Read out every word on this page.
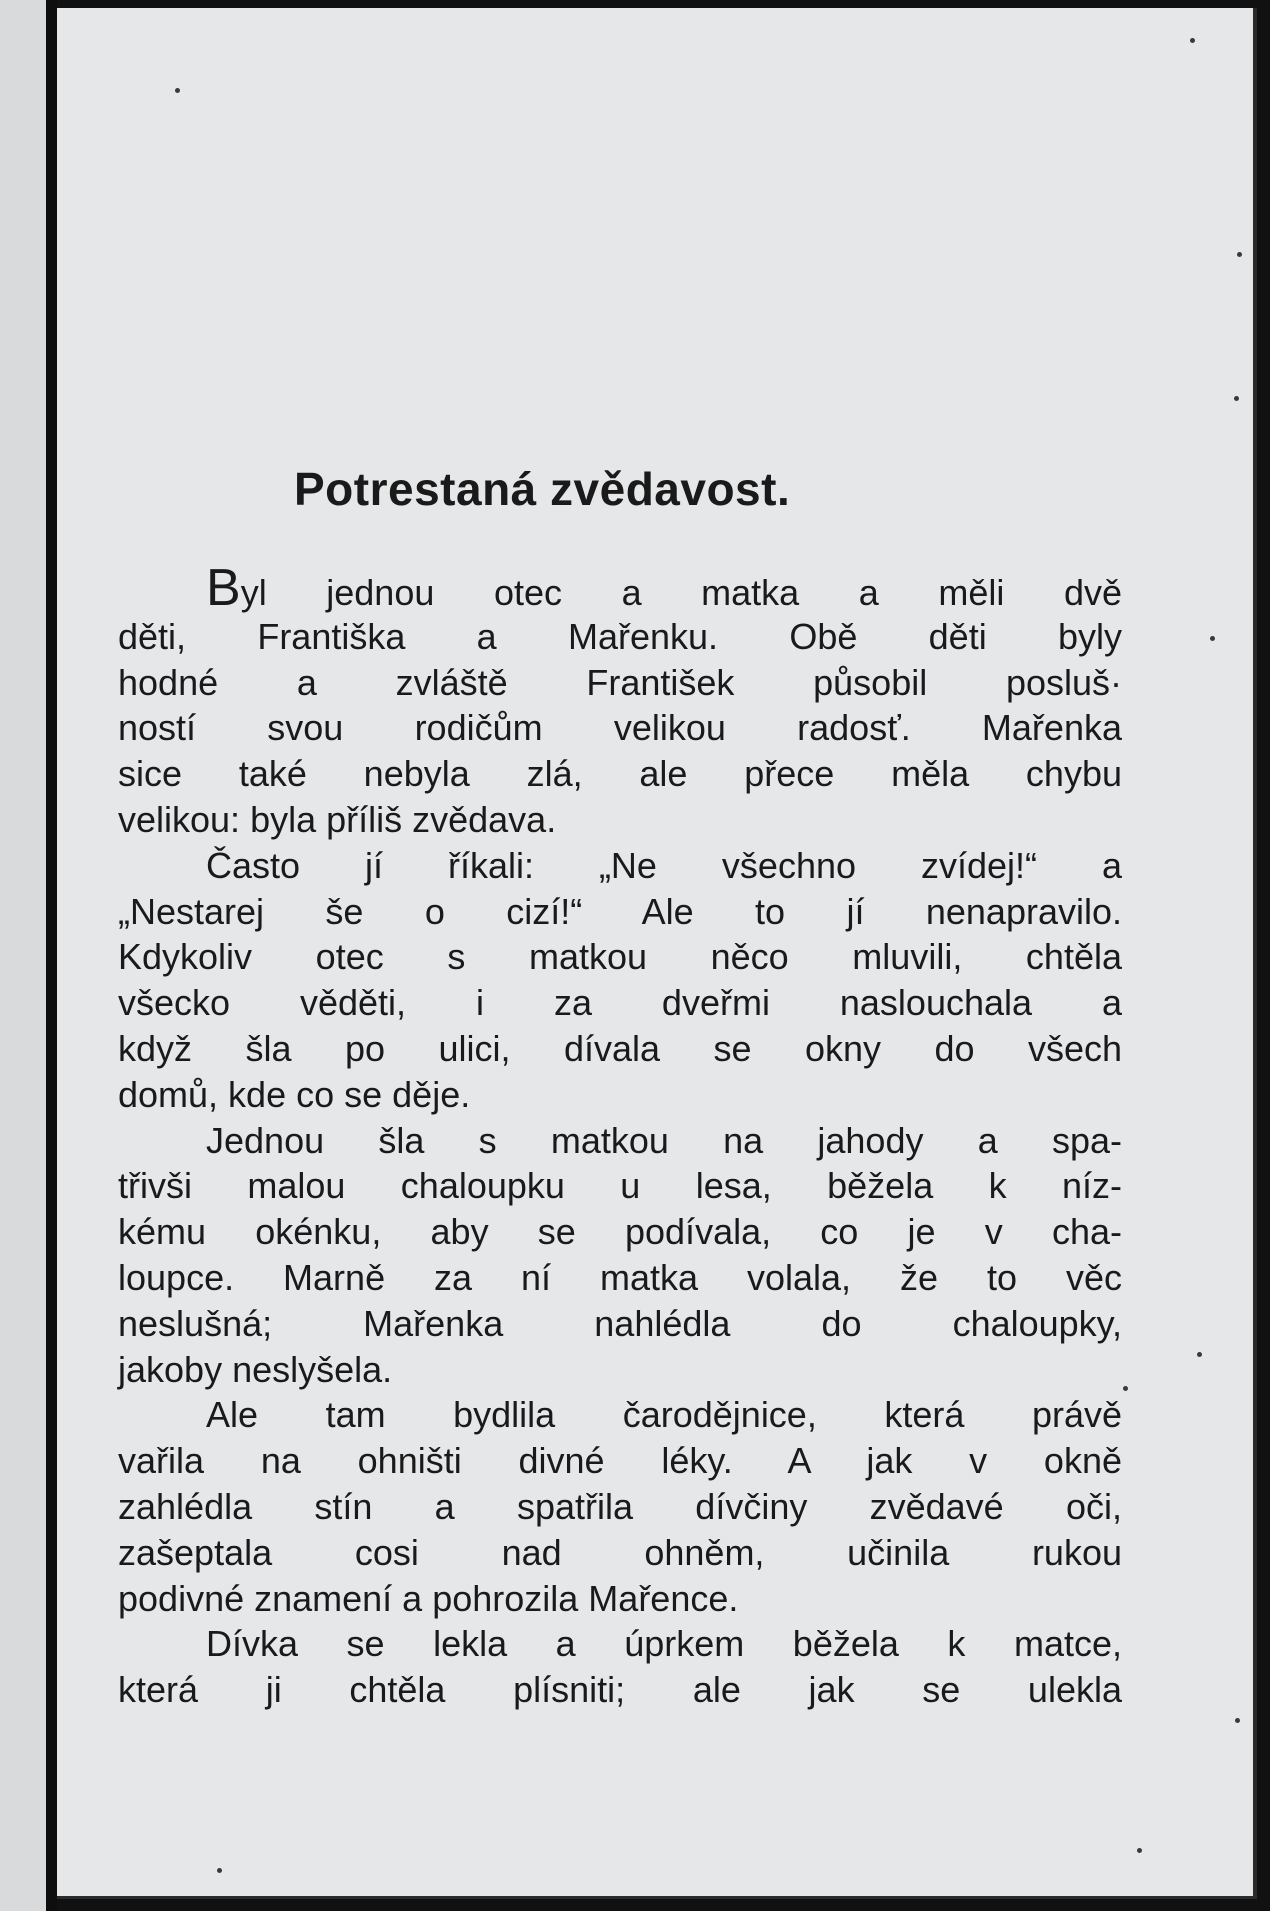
Potrestaná zvědavost.
Byl jednou otec a matka a měli dvě
děti, Františka a Mařenku. Obě děti byly
hodné a zvláště František působil posluš·
ností svou rodičům velikou radosť. Mařenka
sice také nebyla zlá, ale přece měla chybu
velikou: byla příliš zvědava.
Často jí říkali: „Ne všechno zvídej!“ a
„Nestarej še o cizí!“ Ale to jí nenapravilo.
Kdykoliv otec s matkou něco mluvili, chtěla
všecko věděti, i za dveřmi naslouchala a
když šla po ulici, dívala se okny do všech
domů, kde co se děje.
Jednou šla s matkou na jahody a spa-
třivši malou chaloupku u lesa, běžela k níz-
kému okénku, aby se podívala, co je v cha-
loupce. Marně za ní matka volala, že to věc
neslušná; Mařenka nahlédla do chaloupky,
jakoby neslyšela.
Ale tam bydlila čarodějnice, která právě
vařila na ohništi divné léky. A jak v okně
zahlédla stín a spatřila dívčiny zvědavé oči,
zašeptala cosi nad ohněm, učinila rukou
podivné znamení a pohrozila Mařence.
Dívka se lekla a úprkem běžela k matce,
která ji chtěla plísniti; ale jak se ulekla
